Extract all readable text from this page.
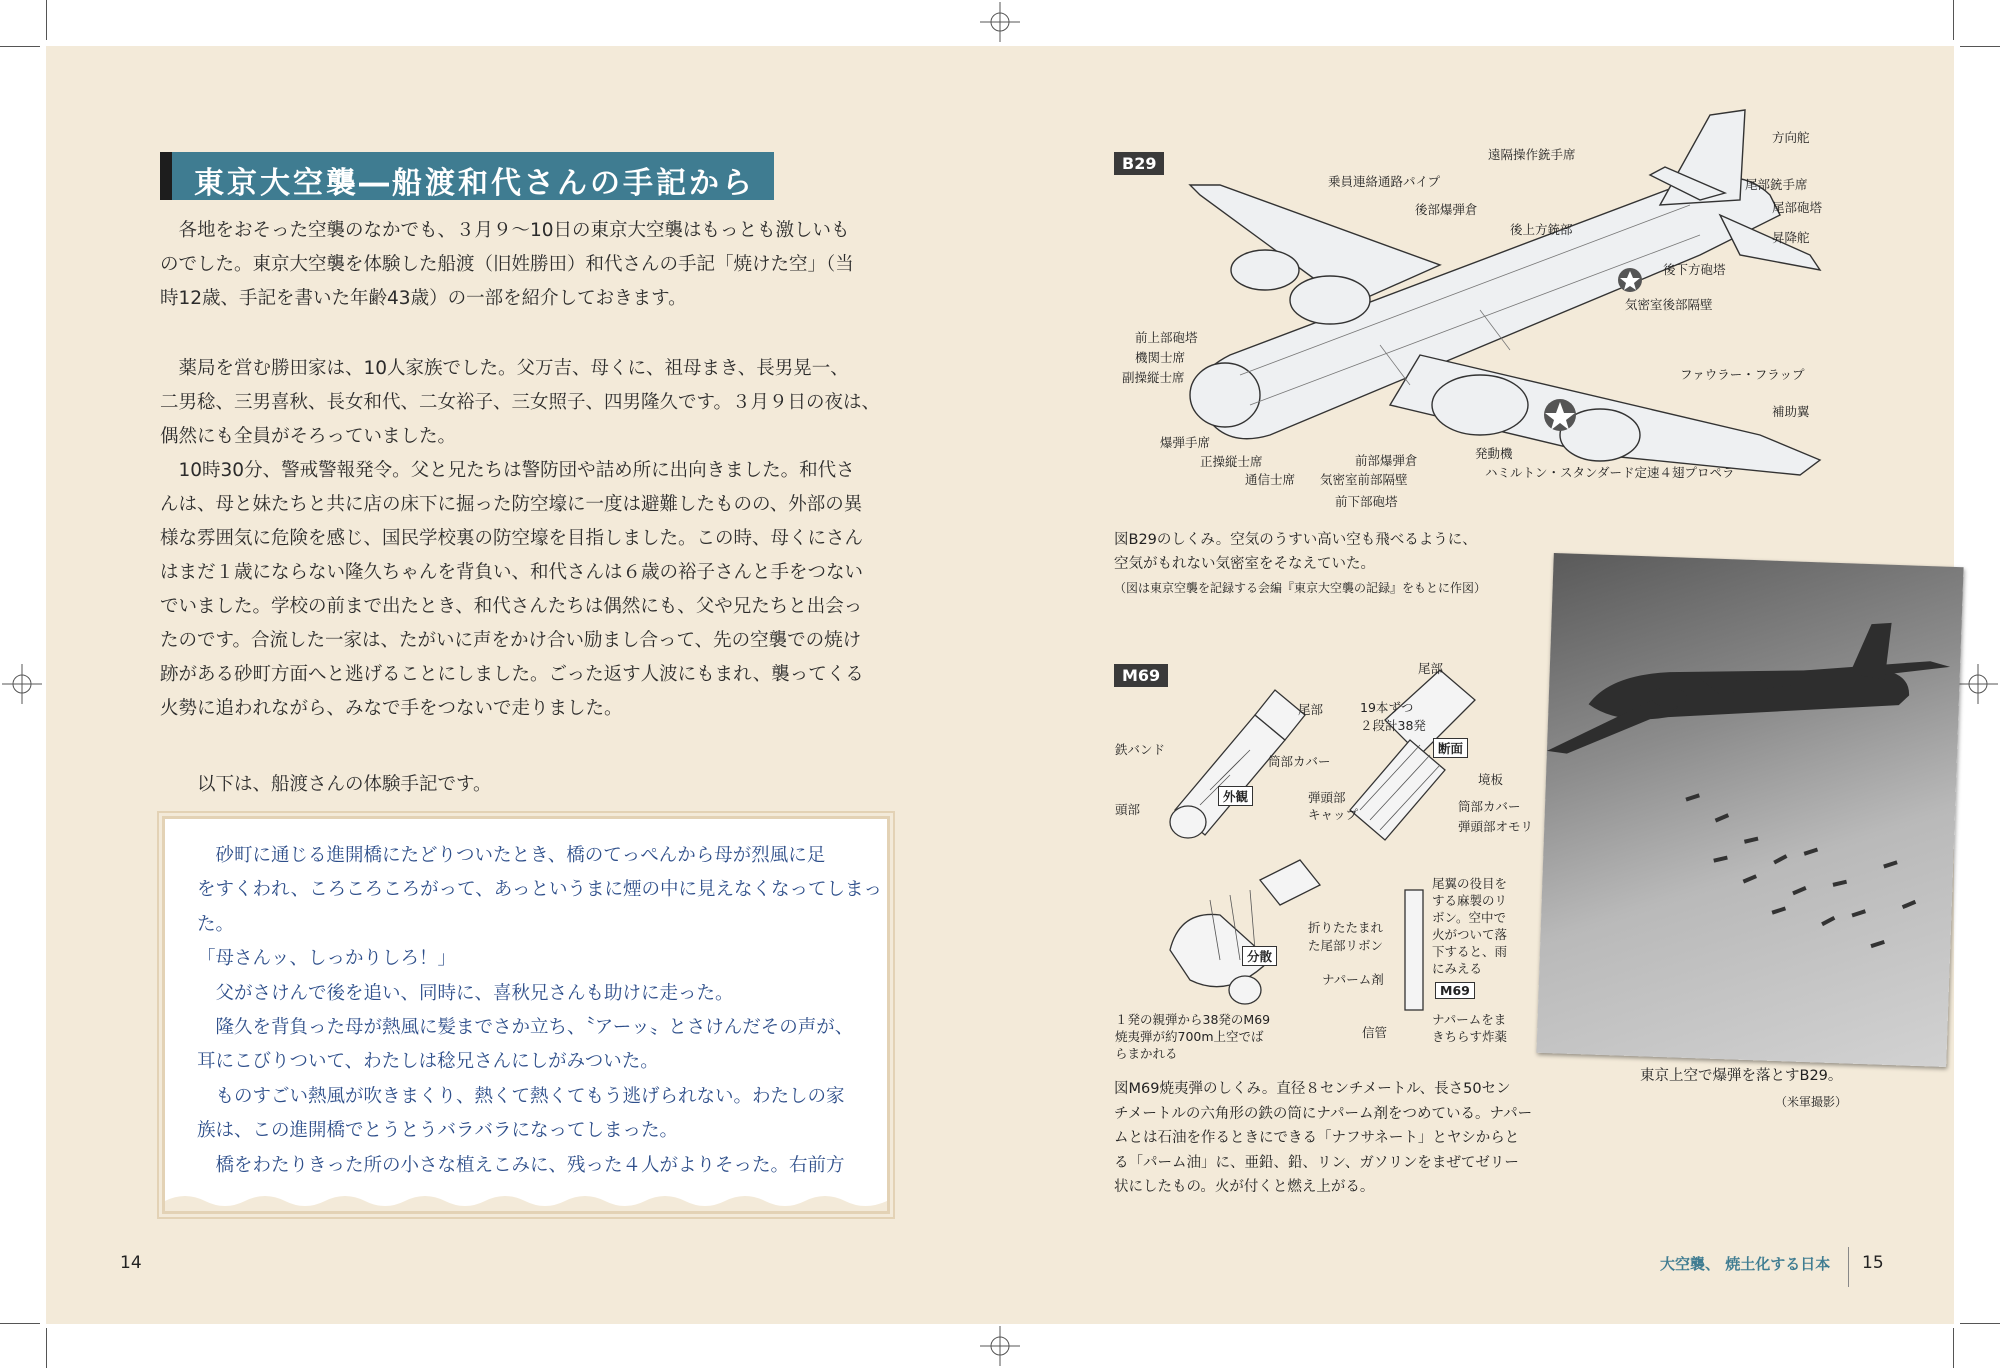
東京大空襲―船渡和代さんの手記から

　各地をおそった空襲のなかでも、３月９～10日の東京大空襲はもっとも激しいも

のでした。東京大空襲を体験した船渡（旧姓勝田）和代さんの手記「焼けた空」（当

時12歳、手記を書いた年齢43歳）の一部を紹介しておきます。

　薬局を営む勝田家は、10人家族でした。父万吉、母くに、祖母まき、長男晃一、

二男稔、三男喜秋、長女和代、二女裕子、三女照子、四男隆久です。３月９日の夜は、

偶然にも全員がそろっていました。

　10時30分、警戒警報発令。父と兄たちは警防団や詰め所に出向きました。和代さ

んは、母と妹たちと共に店の床下に掘った防空壕に一度は避難したものの、外部の異

様な雰囲気に危険を感じ、国民学校裏の防空壕を目指しました。この時、母くにさん

はまだ１歳にならない隆久ちゃんを背負い、和代さんは６歳の裕子さんと手をつない

でいました。学校の前まで出たとき、和代さんたちは偶然にも、父や兄たちと出会っ

たのです。合流した一家は、たがいに声をかけ合い励まし合って、先の空襲での焼け

跡がある砂町方面へと逃げることにしました。ごった返す人波にもまれ、襲ってくる

火勢に追われながら、みなで手をつないで走りました。

　　以下は、船渡さんの体験手記です。

　砂町に通じる進開橋にたどりついたとき、橋のてっぺんから母が烈風に足

をすくわれ、ころころころがって、あっというまに煙の中に見えなくなってしまっ

た。

「母さんッ、しっかりしろ！」

　父がさけんで後を追い、同時に、喜秋兄さんも助けに走った。

　隆久を背負った母が熱風に髪までさか立ち、〝アーッ〟とさけんだその声が、

耳にこびりついて、わたしは稔兄さんにしがみついた。

　ものすごい熱風が吹きまくり、熱くて熱くてもう逃げられない。わたしの家

族は、この進開橋でとうとうバラバラになってしまった。

　橋をわたりきった所の小さな植えこみに、残った４人がよりそった。右前方

14
B29
方向舵
遠隔操作銃手席
乗員連絡通路パイプ
後部爆弾倉
後上方銃部
尾部銃手席
尾部砲塔
昇降舵
後下方砲塔
気密室後部隔壁
前上部砲塔
機関士席
副操縦士席	ファウラー・フラップ
補助翼
爆弾手席
正操縦士席
通信士席 気密室前部隔壁
前部爆弾倉
前下部砲塔
発動機
ハミルトン・スタンダード定速４翅プロペラ
図B29のしくみ。空気のうすい高い空も飛べるように、
空気がもれない気密室をそなえていた。
（図は東京空襲を記録する会編『東京大空襲の記録』をもとに作図）
M69	尾部
尾部
鉄バンド
筒部カバー
頭部
外観
19本ずつ
２段計38発
断面
境板
弾頭部
キャップ
筒部カバー
弾頭部オモリ
折りたたまれ
た尾部リボン
尾翼の役目を
する麻製のリ
ボン。空中で
火がついて落
下すると、雨
にみえる
ナパーム剤
M69
信管
ナパームをま
きちらす炸薬
分散
１発の親弾から38発のM69
焼夷弾が約700m上空でば
らまかれる
図M69焼夷弾のしくみ。直径８センチメートル、長さ50セン
チメートルの六角形の鉄の筒にナパーム剤をつめている。ナパー
ムとは石油を作るときにできる「ナフサネート」とヤシからと
る「パーム油」に、亜鉛、鉛、リン、ガソリンをまぜてゼリー
状にしたもの。火が付くと燃え上がる。
東京上空で爆弾を落とすB29。
（米軍撮影）
大空襲、 焼土化する日本 15
